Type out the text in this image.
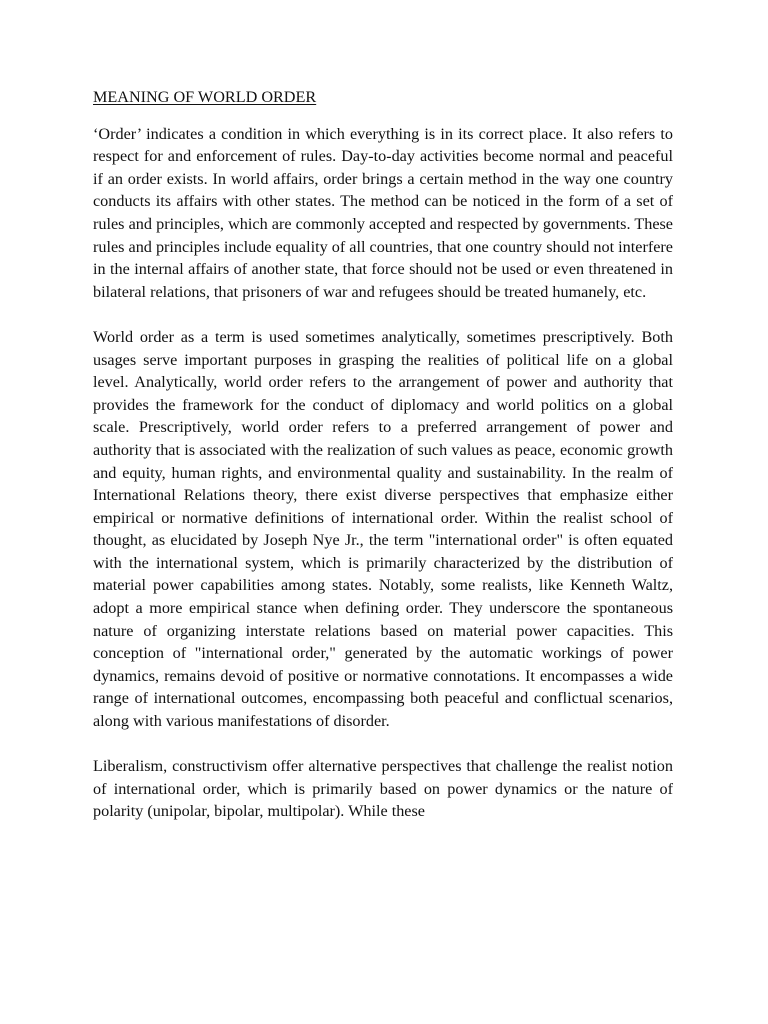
MEANING OF WORLD ORDER

‘Order’ indicates a condition in which everything is in its correct place. It also refers to respect for and enforcement of rules. Day-to-day activities become normal and peaceful if an order exists. In world affairs, order brings a certain method in the way one country conducts its affairs with other states. The method can be noticed in the form of a set of rules and principles, which are commonly accepted and respected by governments. These rules and principles include equality of all countries, that one country should not interfere in the internal affairs of another state, that force should not be used or even threatened in bilateral relations, that prisoners of war and refugees should be treated humanely, etc.

World order as a term is used sometimes analytically, sometimes prescriptively. Both usages serve important purposes in grasping the realities of political life on a global level. Analytically, world order refers to the arrangement of power and authority that provides the framework for the conduct of diplomacy and world politics on a global scale. Prescriptively, world order refers to a preferred arrangement of power and authority that is associated with the realization of such values as peace, economic growth and equity, human rights, and environmental quality and sustainability. In the realm of International Relations theory, there exist diverse perspectives that emphasize either empirical or normative definitions of international order. Within the realist school of thought, as elucidated by Joseph Nye Jr., the term "international order" is often equated with the international system, which is primarily characterized by the distribution of material power capabilities among states. Notably, some realists, like Kenneth Waltz, adopt a more empirical stance when defining order. They underscore the spontaneous nature of organizing interstate relations based on material power capacities. This conception of "international order," generated by the automatic workings of power dynamics, remains devoid of positive or normative connotations. It encompasses a wide range of international outcomes, encompassing both peaceful and conflictual scenarios, along with various manifestations of disorder.

Liberalism, constructivism offer alternative perspectives that challenge the realist notion of international order, which is primarily based on power dynamics or the nature of polarity (unipolar, bipolar, multipolar). While these
